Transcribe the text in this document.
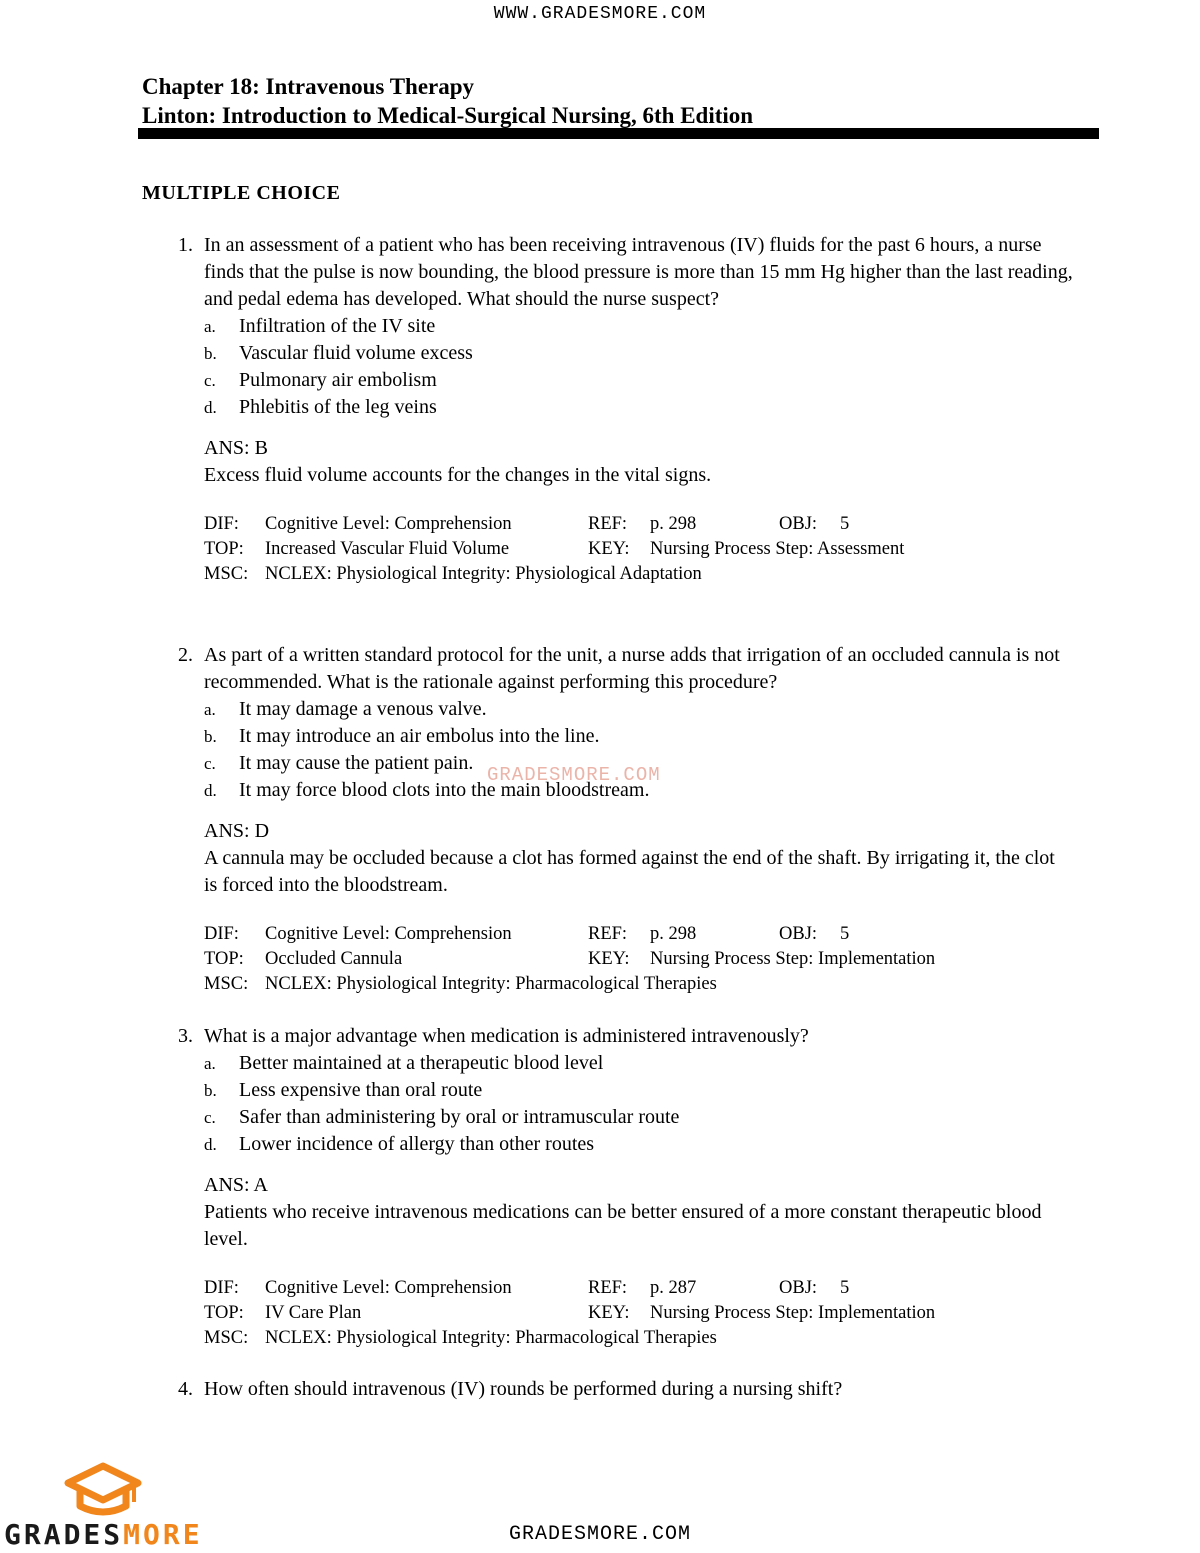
WWW.GRADESMORE.COM
Chapter 18: Intravenous Therapy
Linton: Introduction to Medical-Surgical Nursing, 6th Edition
MULTIPLE CHOICE
1. In an assessment of a patient who has been receiving intravenous (IV) fluids for the past 6 hours, a nurse finds that the pulse is now bounding, the blood pressure is more than 15 mm Hg higher than the last reading, and pedal edema has developed. What should the nurse suspect?
a. Infiltration of the IV site
b. Vascular fluid volume excess
c. Pulmonary air embolism
d. Phlebitis of the leg veins
ANS: B
Excess fluid volume accounts for the changes in the vital signs.
DIF: Cognitive Level: Comprehension	REF: p. 298	OBJ: 5
TOP: Increased Vascular Fluid Volume	KEY: Nursing Process Step: Assessment
MSC: NCLEX: Physiological Integrity: Physiological Adaptation
2. As part of a written standard protocol for the unit, a nurse adds that irrigation of an occluded cannula is not recommended. What is the rationale against performing this procedure?
a. It may damage a venous valve.
b. It may introduce an air embolus into the line.
c. It may cause the patient pain.
d. It may force blood clots into the main bloodstream.
ANS: D
A cannula may be occluded because a clot has formed against the end of the shaft. By irrigating it, the clot is forced into the bloodstream.
DIF: Cognitive Level: Comprehension	REF: p. 298	OBJ: 5
TOP: Occluded Cannula	KEY: Nursing Process Step: Implementation
MSC: NCLEX: Physiological Integrity: Pharmacological Therapies
3. What is a major advantage when medication is administered intravenously?
a. Better maintained at a therapeutic blood level
b. Less expensive than oral route
c. Safer than administering by oral or intramuscular route
d. Lower incidence of allergy than other routes
ANS: A
Patients who receive intravenous medications can be better ensured of a more constant therapeutic blood level.
DIF: Cognitive Level: Comprehension	REF: p. 287	OBJ: 5
TOP: IV Care Plan	KEY: Nursing Process Step: Implementation
MSC: NCLEX: Physiological Integrity: Pharmacological Therapies
4. How often should intravenous (IV) rounds be performed during a nursing shift?
GRADESMORE.COM
GRADESMORE	GRADESMORE.COM
